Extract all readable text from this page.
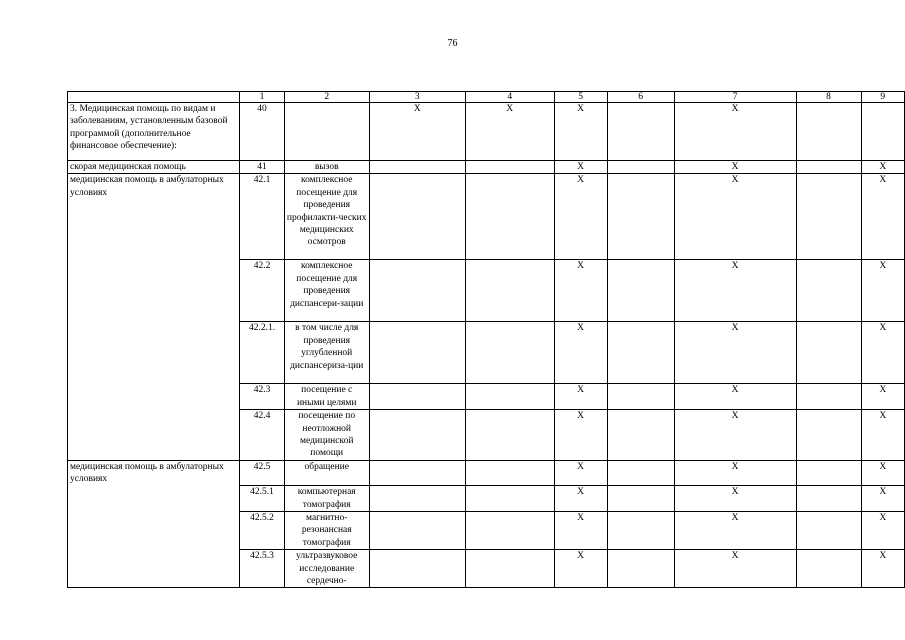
76
	1	2	3	4	5	6	7	8	9
3. Медицинская помощь по видам и заболеваниям, установленным базовой программой (дополнительное финансовое обеспечение):	40		X	X	X		X		
скорая медицинская помощь	41	вызов			X		X		X
медицинская помощь в амбулаторных условиях	42.1	комплексное посещение для проведения профилакти-ческих медицинских осмотров			X		X		X
	42.2	комплексное посещение для проведения диспансери-зации			X		X		X
	42.2.1.	в том числе для проведения углубленной диспансериза-ции			X		X		X
	42.3	посещение с иными целями			X		X		X
	42.4	посещение по неотложной медицинской помощи			X		X		X
медицинская помощь в амбулаторных условиях	42.5	обращение			X		X		X
	42.5.1	компьютерная томография			X		X		X
	42.5.2	магнитно-резонансная томография			X		X		X
	42.5.3	ультразвуковое исследование сердечно-			X		X		X
